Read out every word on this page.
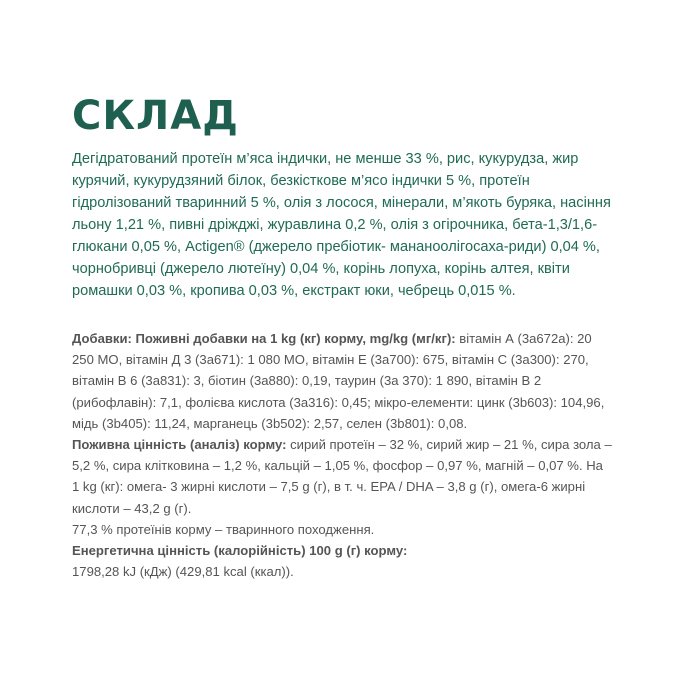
СКЛАД

Дегідратований протеїн м’яса індички, не менше 33 %, рис, кукурудза, жир курячий, кукурудзяний білок, безкісткове м’ясо індички 5 %, протеїн гідролізований тваринний 5 %, олія з лосося, мінерали, м’якоть буряка, насіння льону 1,21 %, пивні дріжджі, журавлина 0,2 %, олія з огірочника, бета-1,3/1,6-глюкани 0,05 %, Actigen® (джерело пребіотик- мананоолігосаха-риди) 0,04 %, чорнобривці (джерело лютеїну) 0,04 %, корінь лопуха, корінь алтея, квіти ромашки 0,03 %, кропива 0,03 %, екстракт юки, чебрець 0,015 %.

Добавки: Поживні добавки на 1 kg (кг) корму, mg/kg (мг/кг): вітамін А (3а672а): 20 250 МО, вітамін Д 3 (3а671): 1 080 МО, вітамін Е (3а700): 675, вітамін С (3а300): 270, вітамін В 6 (3а831): 3, біотин (3а880): 0,19, таурин (3а 370): 1 890, вітамін В 2 (рибофлавін): 7,1, фолієва кислота (3а316): 0,45; мікро-елементи: цинк (3b603): 104,96, мідь (3b405): 11,24, марганець (3b502): 2,57, селен (3b801): 0,08.

Поживна цінність (аналіз) корму: сирий протеїн – 32 %, сирий жир – 21 %, сира зола – 5,2 %, сира клітковина – 1,2 %, кальцій – 1,05 %, фосфор – 0,97 %, магній – 0,07 %. На 1 kg (кг): омега- 3 жирні кислоти – 7,5 g (г), в т. ч. EPA / DHA – 3,8 g (г), омега-6 жирні кислоти – 43,2 g (г).

77,3 % протеїнів корму – тваринного походження.

Енергетична цінність (калорійність) 100 g (г) корму:

1798,28 kJ (кДж) (429,81 kcal (ккал)).
